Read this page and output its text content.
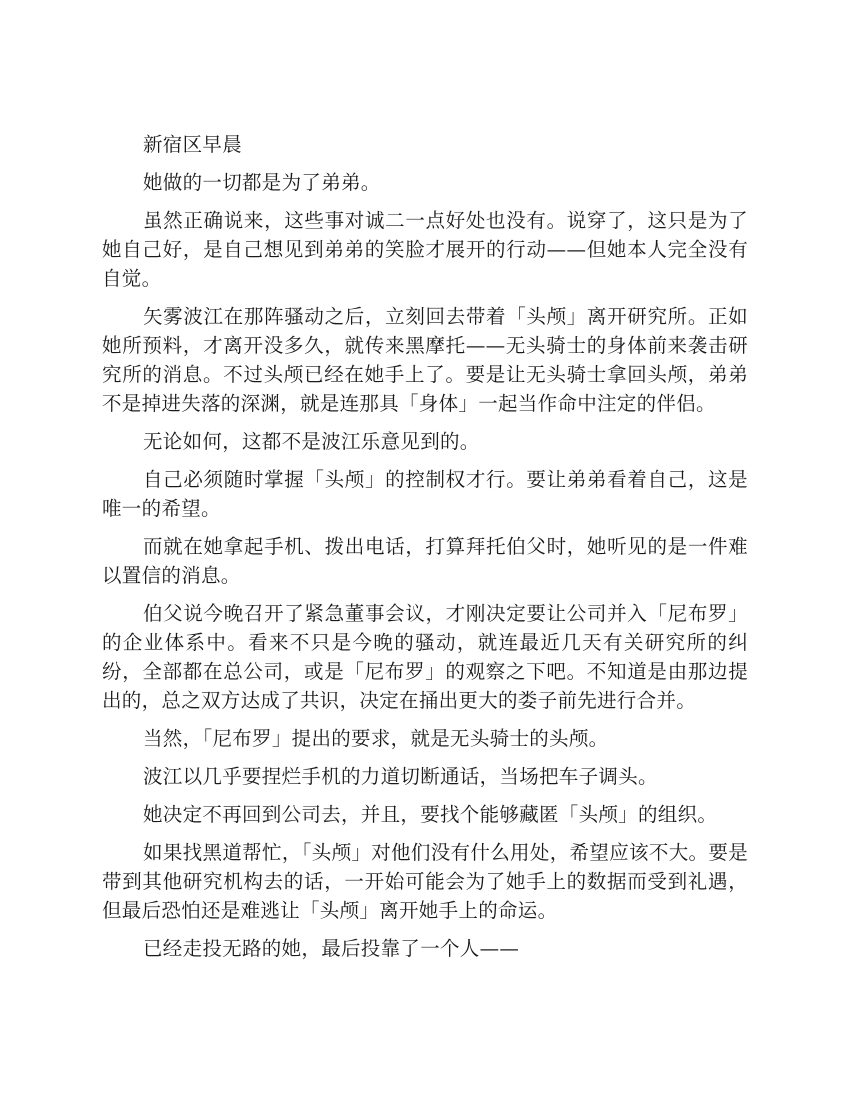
新宿区早晨

她做的一切都是为了弟弟。

虽然正确说来，这些事对诚二一点好处也没有。说穿了，这只是为了她自己好，是自己想见到弟弟的笑脸才展开的行动——但她本人完全没有自觉。

矢雾波江在那阵骚动之后，立刻回去带着「头颅」离开研究所。正如她所预料，才离开没多久，就传来黑摩托——无头骑士的身体前来袭击研究所的消息。不过头颅已经在她手上了。要是让无头骑士拿回头颅，弟弟不是掉进失落的深渊，就是连那具「身体」一起当作命中注定的伴侣。

无论如何，这都不是波江乐意见到的。

自己必须随时掌握「头颅」的控制权才行。要让弟弟看着自己，这是唯一的希望。

而就在她拿起手机、拨出电话，打算拜托伯父时，她听见的是一件难以置信的消息。

伯父说今晚召开了紧急董事会议，才刚决定要让公司并入「尼布罗」的企业体系中。看来不只是今晚的骚动，就连最近几天有关研究所的纠纷，全部都在总公司，或是「尼布罗」的观察之下吧。不知道是由那边提出的，总之双方达成了共识，决定在捅出更大的娄子前先进行合并。

当然，「尼布罗」提出的要求，就是无头骑士的头颅。

波江以几乎要捏烂手机的力道切断通话，当场把车子调头。

她决定不再回到公司去，并且，要找个能够藏匿「头颅」的组织。

如果找黑道帮忙，「头颅」对他们没有什么用处，希望应该不大。要是带到其他研究机构去的话，一开始可能会为了她手上的数据而受到礼遇，但最后恐怕还是难逃让「头颅」离开她手上的命运。

已经走投无路的她，最后投靠了一个人——
